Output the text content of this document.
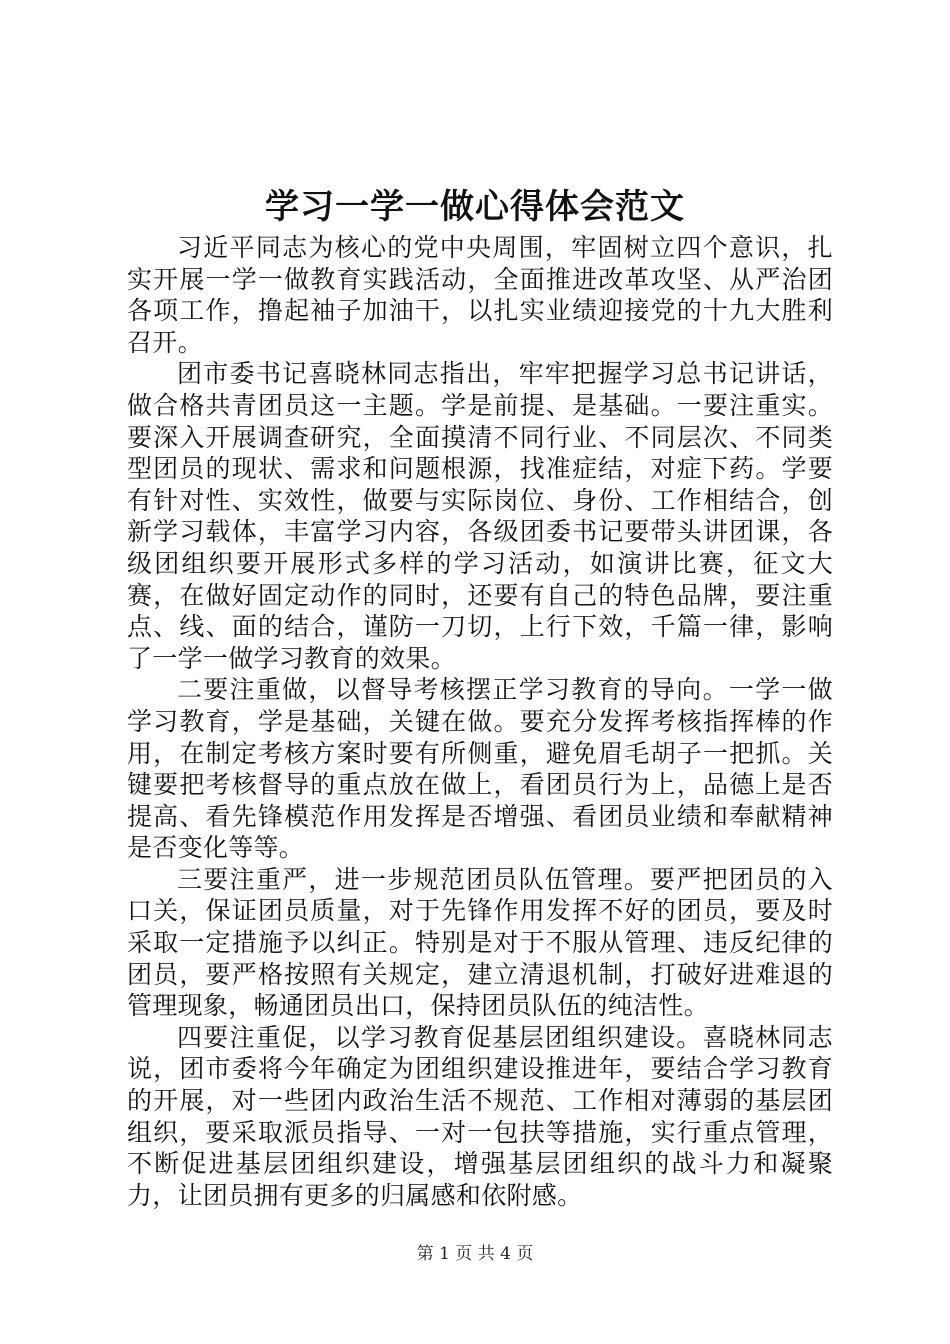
学习一学一做心得体会范文

习近平同志为核心的党中央周围，牢固树立四个意识，扎实开展一学一做教育实践活动，全面推进改革攻坚、从严治团各项工作，撸起袖子加油干，以扎实业绩迎接党的十九大胜利召开。

团市委书记喜晓林同志指出，牢牢把握学习总书记讲话，做合格共青团员这一主题。学是前提、是基础。一要注重实。要深入开展调查研究，全面摸清不同行业、不同层次、不同类型团员的现状、需求和问题根源，找准症结，对症下药。学要有针对性、实效性，做要与实际岗位、身份、工作相结合，创新学习载体，丰富学习内容，各级团委书记要带头讲团课，各级团组织要开展形式多样的学习活动，如演讲比赛，征文大赛，在做好固定动作的同时，还要有自己的特色品牌，要注重点、线、面的结合，谨防一刀切，上行下效，千篇一律，影响了一学一做学习教育的效果。

二要注重做，以督导考核摆正学习教育的导向。一学一做学习教育，学是基础，关键在做。要充分发挥考核指挥棒的作用，在制定考核方案时要有所侧重，避免眉毛胡子一把抓。关键要把考核督导的重点放在做上，看团员行为上，品德上是否提高、看先锋模范作用发挥是否增强、看团员业绩和奉献精神是否变化等等。

三要注重严，进一步规范团员队伍管理。要严把团员的入口关，保证团员质量，对于先锋作用发挥不好的团员，要及时采取一定措施予以纠正。特别是对于不服从管理、违反纪律的团员，要严格按照有关规定，建立清退机制，打破好进难退的管理现象，畅通团员出口，保持团员队伍的纯洁性。

四要注重促，以学习教育促基层团组织建设。喜晓林同志说，团市委将今年确定为团组织建设推进年，要结合学习教育的开展，对一些团内政治生活不规范、工作相对薄弱的基层团组织，要采取派员指导、一对一包扶等措施，实行重点管理，不断促进基层团组织建设，增强基层团组织的战斗力和凝聚力，让团员拥有更多的归属感和依附感。

第 1 页 共 4 页
